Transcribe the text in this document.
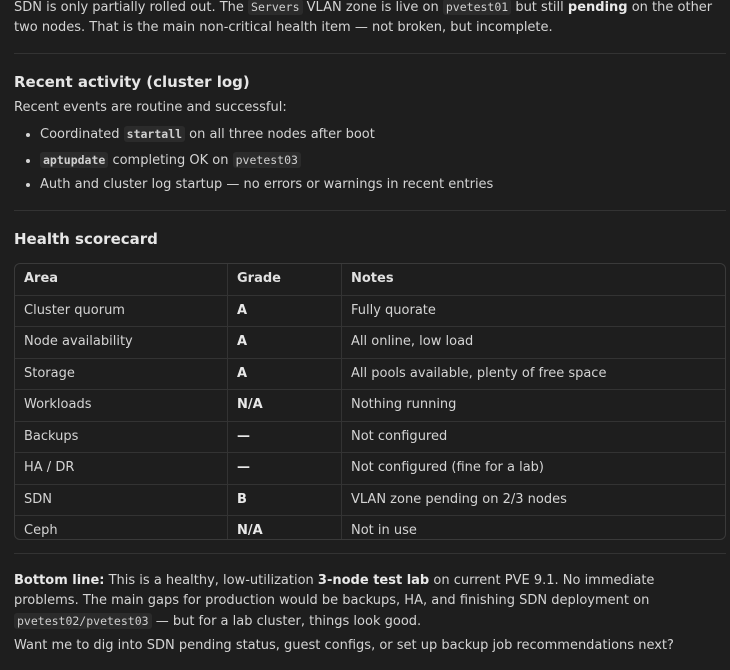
SDN is only partially rolled out. The Servers VLAN zone is live on pvetest01 but still pending on the other two nodes. That is the main non-critical health item — not broken, but incomplete.

Recent activity (cluster log)

Recent events are routine and successful:

• Coordinated startall on all three nodes after boot
• aptupdate completing OK on pvetest03
• Auth and cluster log startup — no errors or warnings in recent entries
Health scorecard
Area	Grade	Notes
Cluster quorum	A	Fully quorate
Node availability	A	All online, low load
Storage	A	All pools available, plenty of free space
Workloads	N/A	Nothing running
Backups	—	Not configured
HA / DR	—	Not configured (fine for a lab)
SDN	B	VLAN zone pending on 2/3 nodes
Ceph	N/A	Not in use

Bottom line: This is a healthy, low-utilization 3-node test lab on current PVE 9.1. No immediate problems. The main gaps for production would be backups, HA, and finishing SDN deployment on pvetest02/pvetest03 — but for a lab cluster, things look good.

Want me to dig into SDN pending status, guest configs, or set up backup job recommendations next?
